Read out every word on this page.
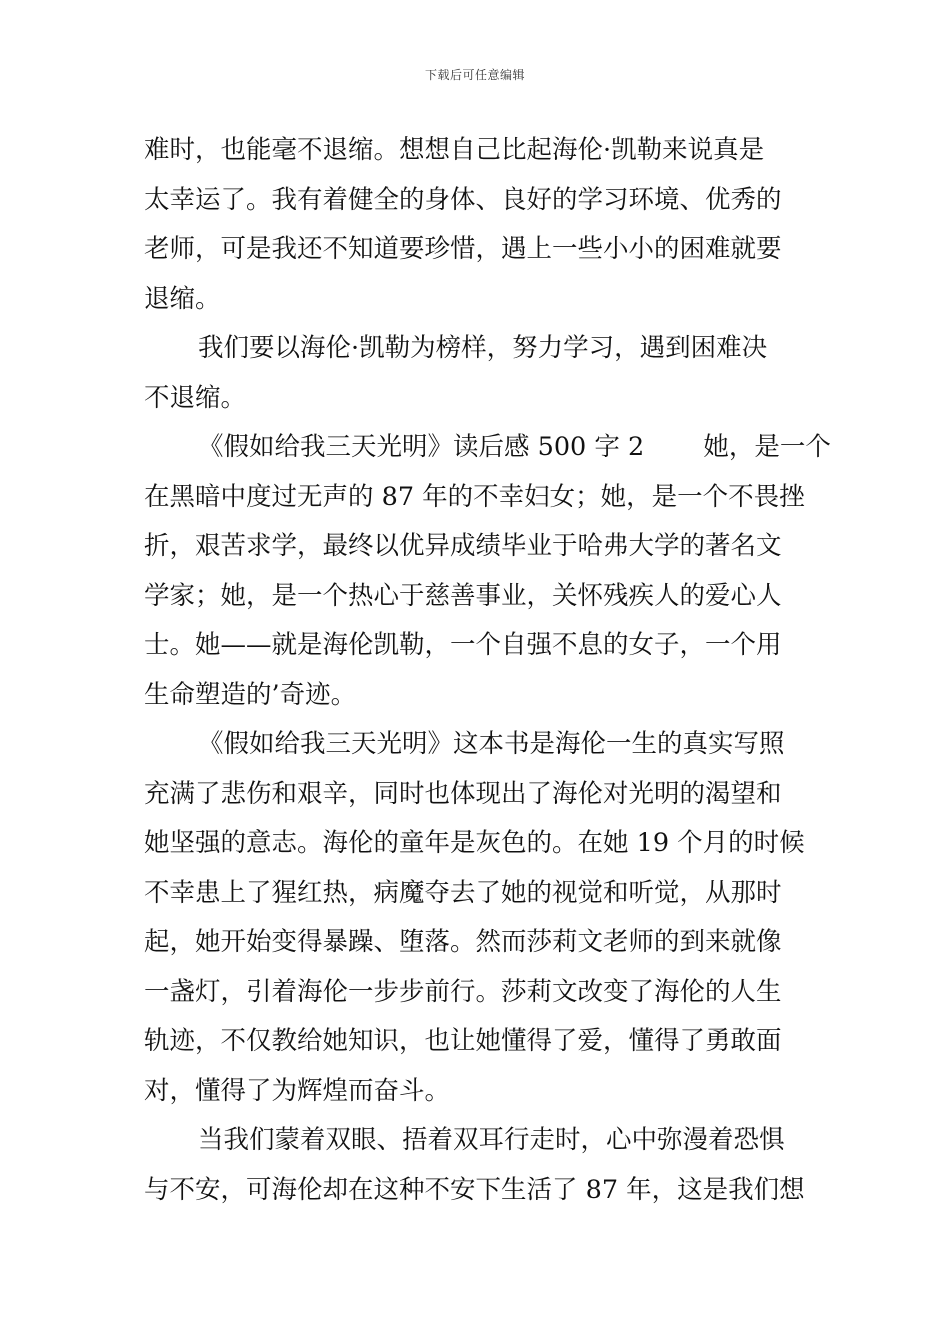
下载后可任意编辑
难时，也能毫不退缩。想想自己比起海伦·凯勒来说真是
太幸运了。我有着健全的身体、良好的学习环境、优秀的
老师，可是我还不知道要珍惜，遇上一些小小的困难就要
退缩。
我们要以海伦·凯勒为榜样，努力学习，遇到困难决
不退缩。
《假如给我三天光明》读后感 500 字 2　　 她，是一个
在黑暗中度过无声的 87 年的不幸妇女；她，是一个不畏挫
折，艰苦求学，最终以优异成绩毕业于哈弗大学的著名文
学家；她，是一个热心于慈善事业，关怀残疾人的爱心人
士。她——就是海伦凯勒，一个自强不息的女子，一个用
生命塑造的’奇迹。
《假如给我三天光明》这本书是海伦一生的真实写照
充满了悲伤和艰辛，同时也体现出了海伦对光明的渴望和
她坚强的意志。海伦的童年是灰色的。在她 19 个月的时候
不幸患上了猩红热，病魔夺去了她的视觉和听觉，从那时
起，她开始变得暴躁、堕落。然而莎莉文老师的到来就像
一盏灯，引着海伦一步步前行。莎莉文改变了海伦的人生
轨迹，不仅教给她知识，也让她懂得了爱，懂得了勇敢面
对，懂得了为辉煌而奋斗。
当我们蒙着双眼、捂着双耳行走时，心中弥漫着恐惧
与不安，可海伦却在这种不安下生活了 87 年，这是我们想
